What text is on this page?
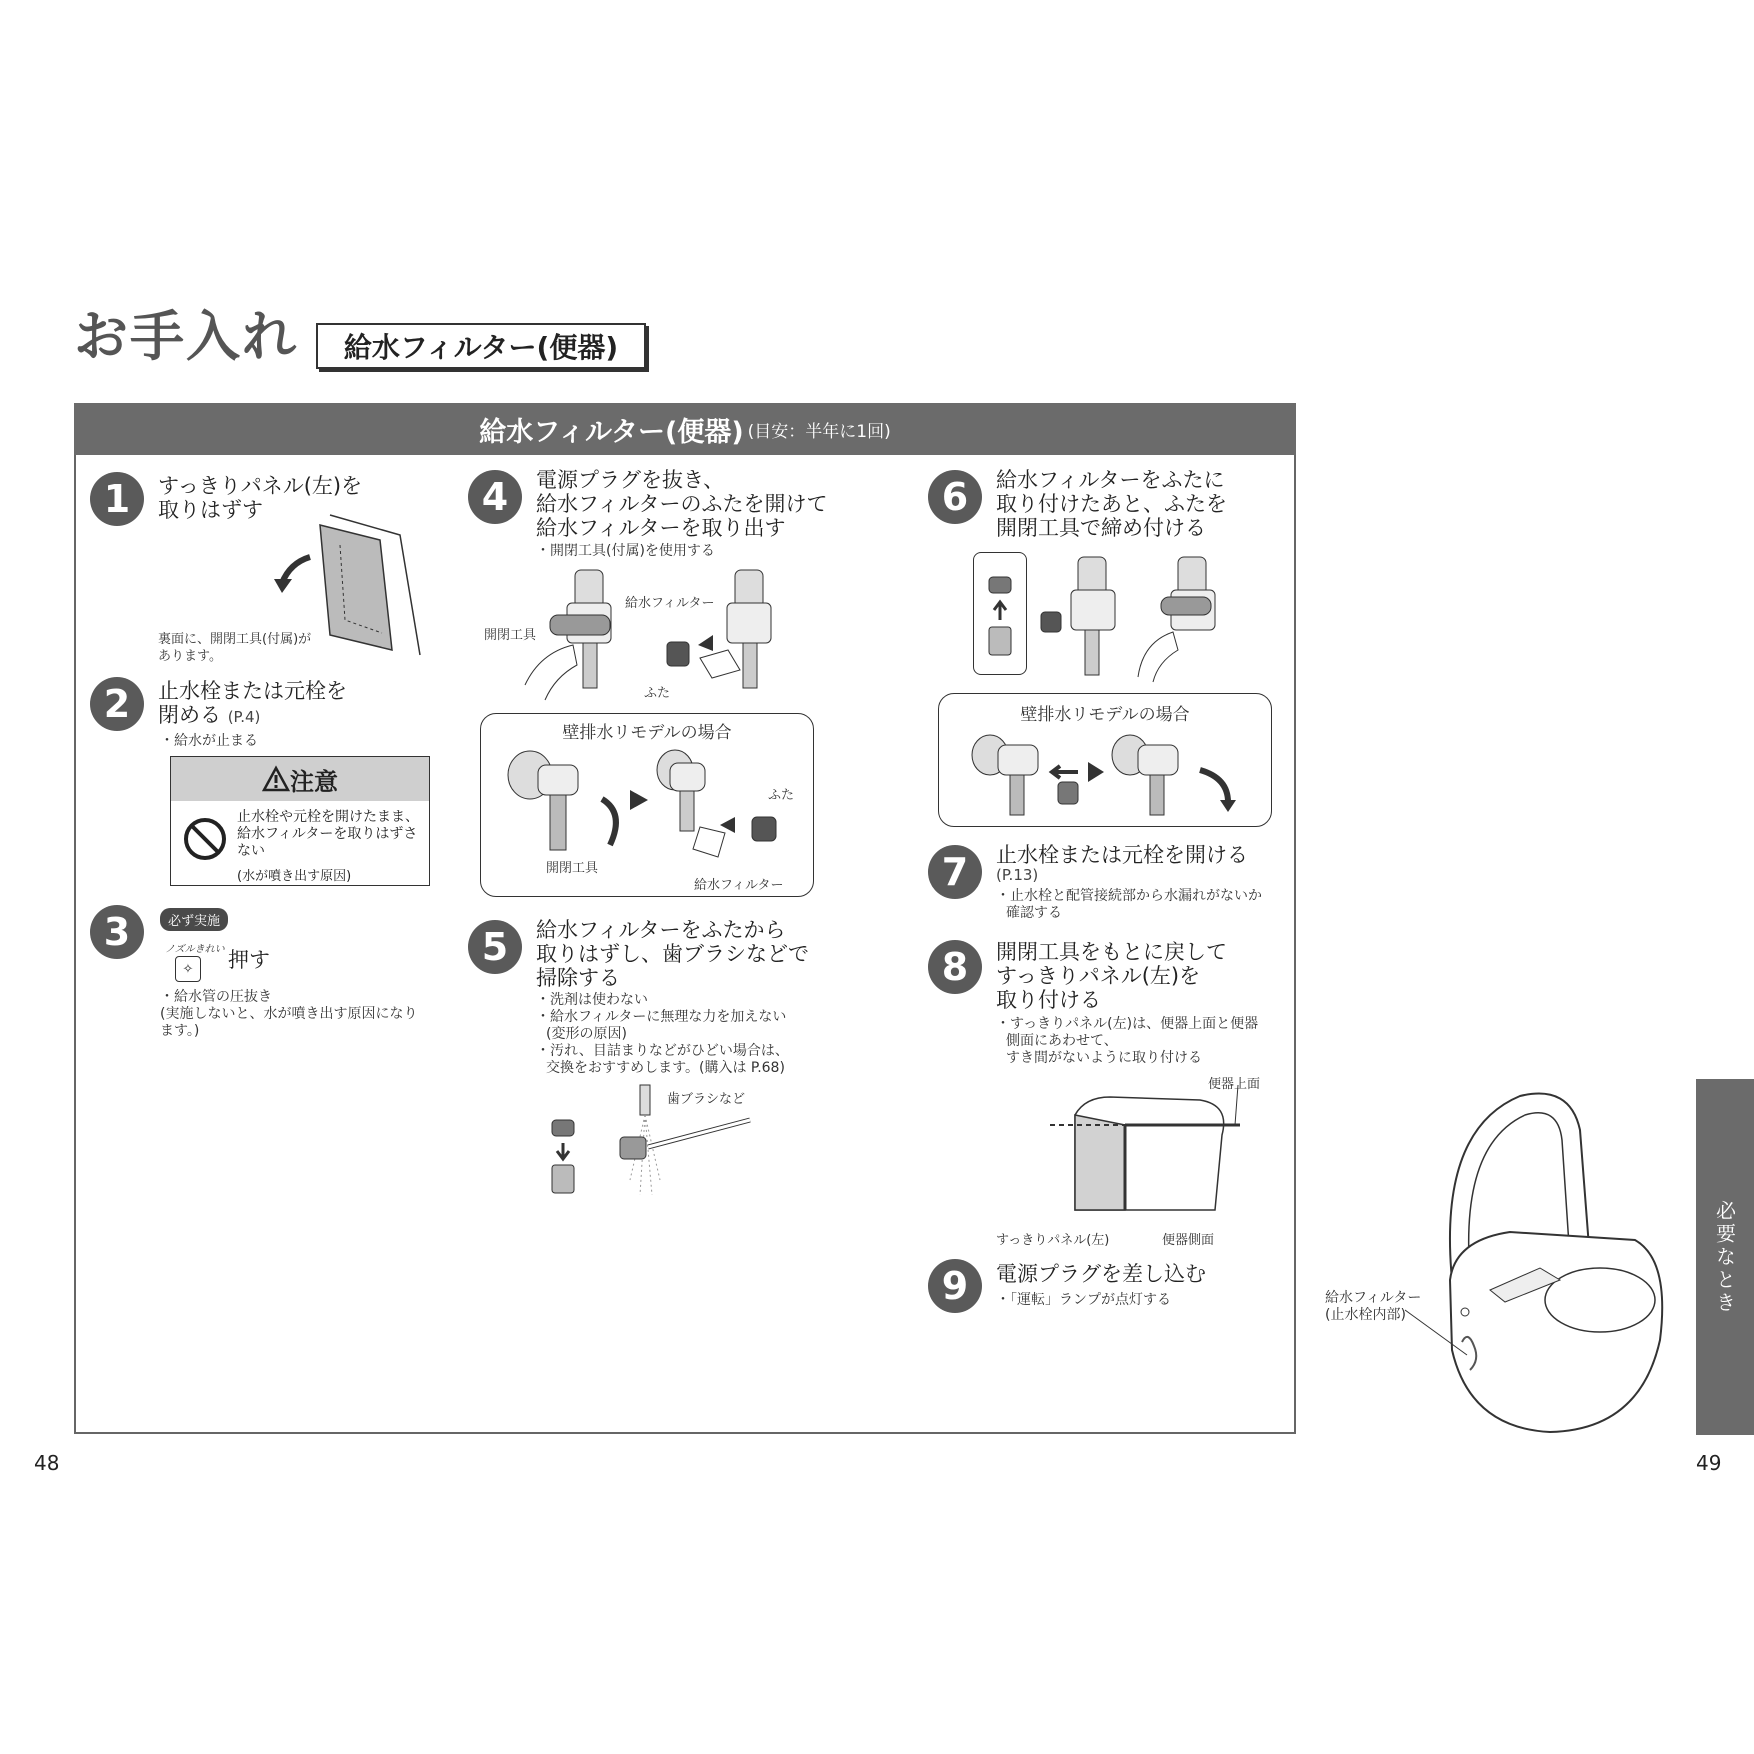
お手入れ 給水フィルター(便器)
給水フィルター(便器) (目安：半年に1回)
1	すっきりパネル(左)を
取りはずす
裏面に、開閉工具(付属)が
あります。
2	止水栓または元栓を
閉める (P.4)
・給水が止まる
注意
止水栓や元栓を開けたまま、
給水フィルターを取りはずさ
ない
(水が噴き出す原因)
3	必ず実施
ノズルきれい
✧	押す
・給水管の圧抜き
(実施しないと、水が噴き出す原因になり
ます。)
4	電源プラグを抜き、
給水フィルターのふたを開けて
給水フィルターを取り出す
・開閉工具(付属)を使用する
給水フィルター
開閉工具
ふた
壁排水リモデルの場合
ふた
開閉工具
給水フィルター
5	給水フィルターをふたから
取りはずし、歯ブラシなどで
掃除する
・洗剤は使わない
・給水フィルターに無理な力を加えない
(変形の原因)
・汚れ、目詰まりなどがひどい場合は、
交換をおすすめします。(購入は P.68)
歯ブラシなど
6	給水フィルターをふたに
取り付けたあと、ふたを
開閉工具で締め付ける
壁排水リモデルの場合
7	止水栓または元栓を開ける
(P.13)
・止水栓と配管接続部から水漏れがないか
確認する
8	開閉工具をもとに戻して
すっきりパネル(左)を
取り付ける
・すっきりパネル(左)は、便器上面と便器
側面にあわせて、
すき間がないように取り付ける
便器上面
すっきりパネル(左)	便器側面
9	電源プラグを差し込む
・「運転」ランプが点灯する	給水フィルター
(止水栓内部)
必要なとき
48	49
